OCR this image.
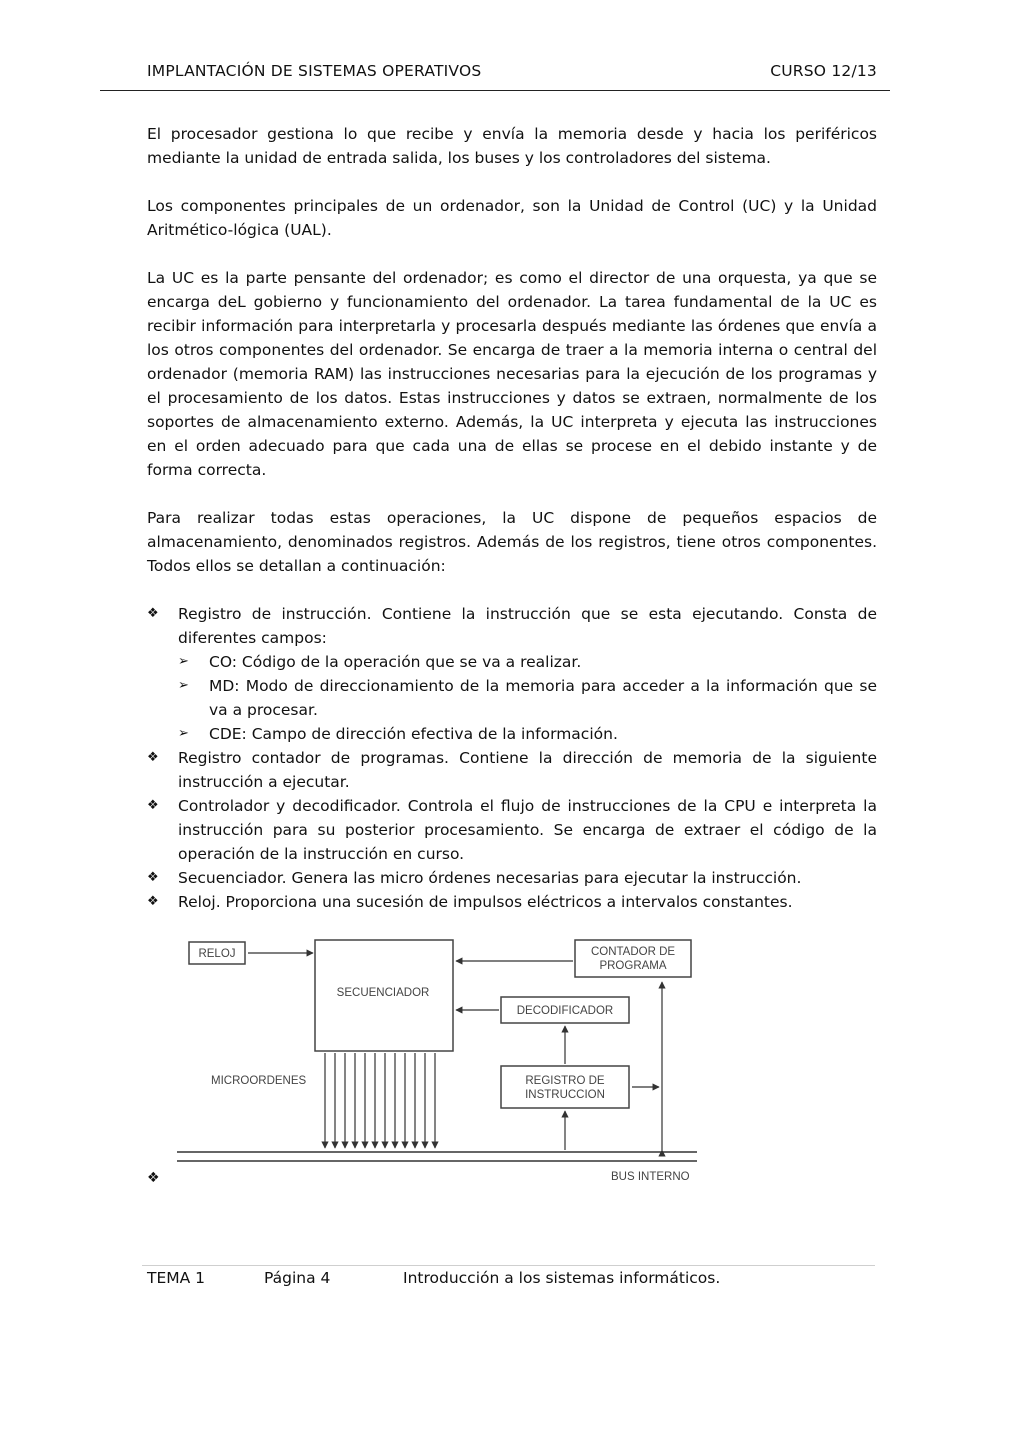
IMPLANTACIÓN DE SISTEMAS OPERATIVOS	CURSO 12/13

El procesador gestiona lo que recibe y envía la memoria desde y hacia los periféricos mediante la unidad de entrada salida, los buses y los controladores del sistema.

Los componentes principales de un ordenador, son la Unidad de Control (UC) y la Unidad Aritmético-lógica (UAL).

La UC es la parte pensante del ordenador; es como el director de una orquesta, ya que se encarga deL gobierno y funcionamiento del ordenador. La tarea fundamental de la UC es recibir información para interpretarla y procesarla después mediante las órdenes que envía a los otros componentes del ordenador. Se encarga de traer a la memoria interna o central del ordenador (memoria RAM) las instrucciones necesarias para la ejecución de los programas y el procesamiento de los datos. Estas instrucciones y datos se extraen, normalmente de los soportes de almacenamiento externo. Además, la UC interpreta y ejecuta las instrucciones en el orden adecuado para que cada una de ellas se procese en el debido instante y de forma correcta.

Para realizar todas estas operaciones, la UC dispone de pequeños espacios de almacenamiento, denominados registros. Además de los registros, tiene otros componentes. Todos ellos se detallan a continuación:

❖ Registro de instrucción. Contiene la instrucción que se esta ejecutando. Consta de diferentes campos:
➢ CO: Código de la operación que se va a realizar.
➢ MD: Modo de direccionamiento de la memoria para acceder a la información que se va a procesar.
➢ CDE: Campo de dirección efectiva de la información.
❖ Registro contador de programas. Contiene la dirección de memoria de la siguiente instrucción a ejecutar.
❖ Controlador y decodificador. Controla el flujo de instrucciones de la CPU e interpreta la instrucción para su posterior procesamiento. Se encarga de extraer el código de la operación de la instrucción en curso.
❖ Secuenciador. Genera las micro órdenes necesarias para ejecutar la instrucción.
❖ Reloj. Proporciona una sucesión de impulsos eléctricos a intervalos constantes.
RELOJ
SECUENCIADOR
CONTADOR DE
PROGRAMA
DECODIFICADOR
REGISTRO DE
INSTRUCCION
MICROORDENES
❖	BUS INTERNO
TEMA 1	Página 4	Introducción a los sistemas informáticos.
